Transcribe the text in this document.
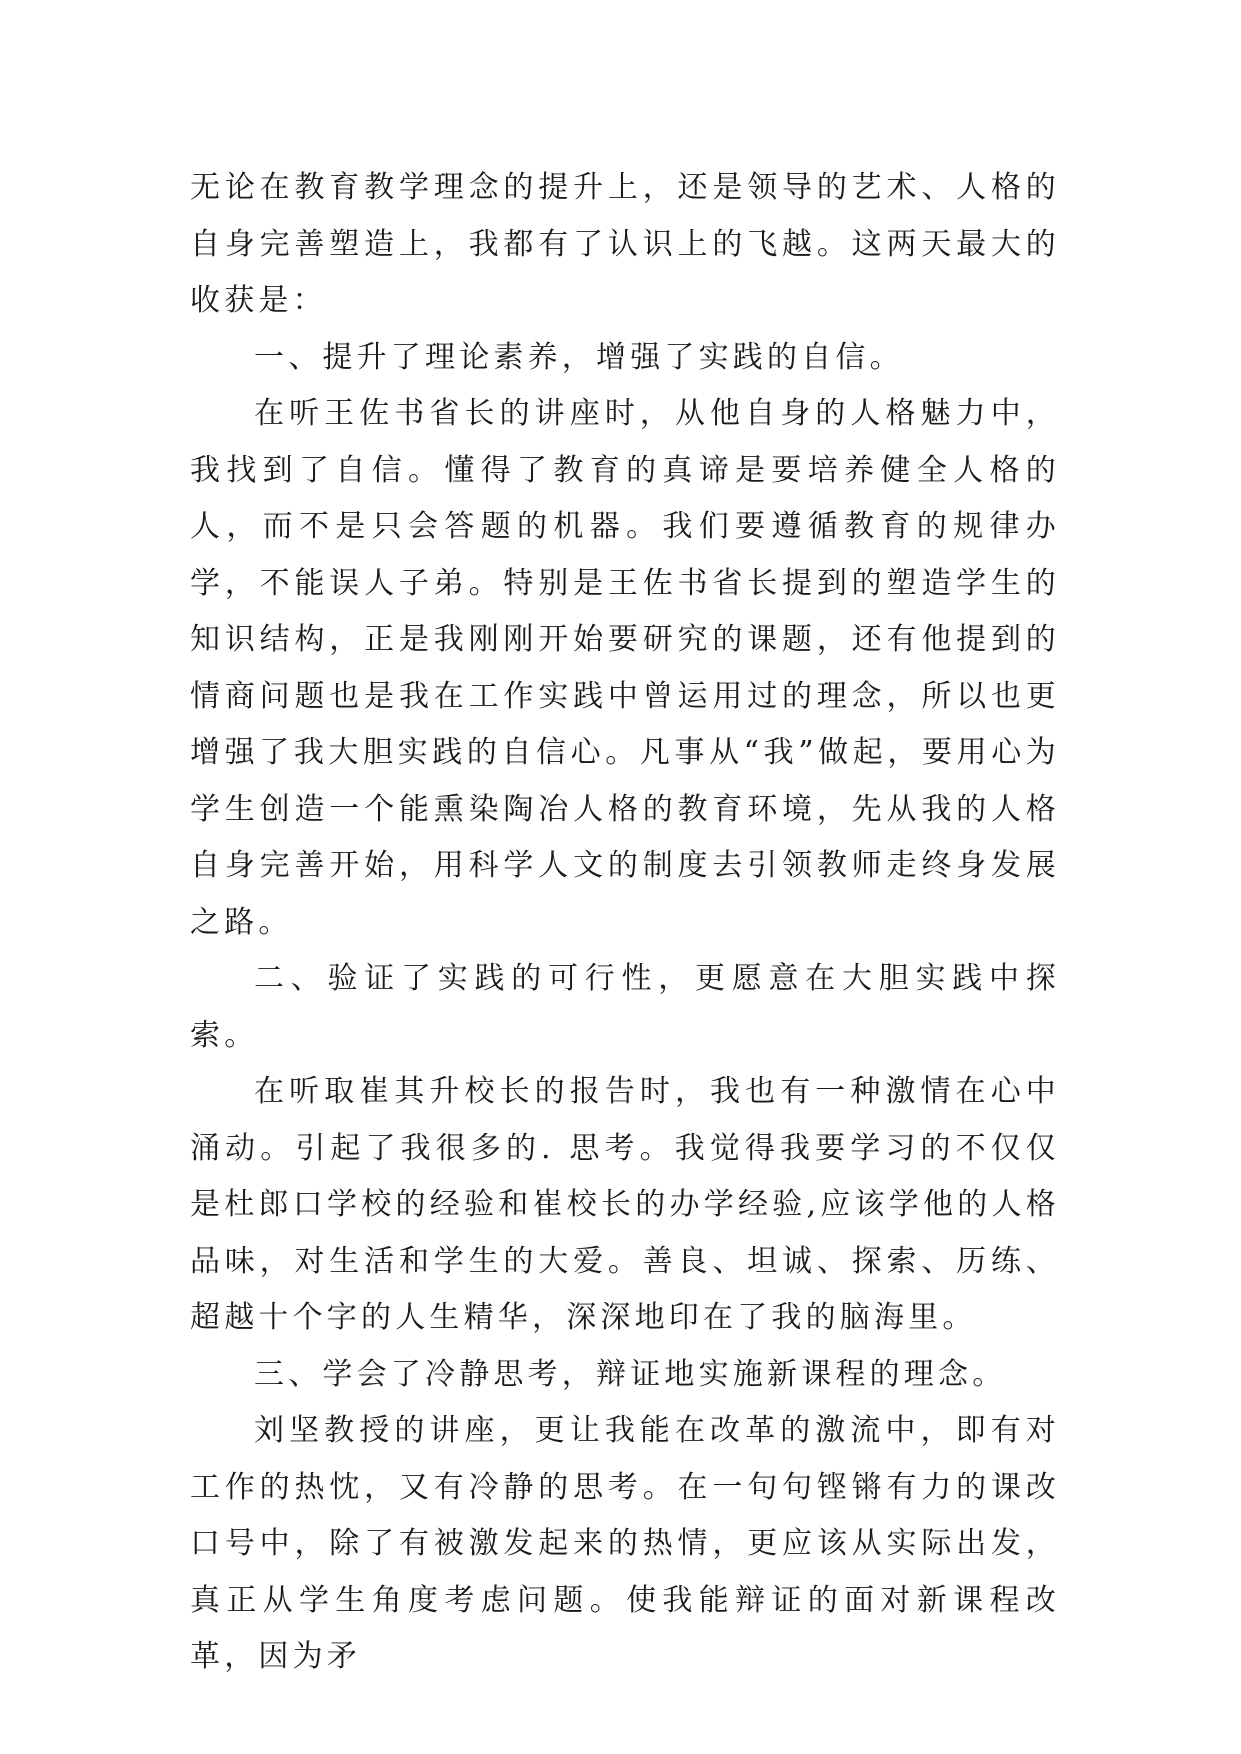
无论在教育教学理念的提升上，还是领导的艺术、人格的自身完善塑造上，我都有了认识上的飞越。这两天最大的收获是：

一、提升了理论素养，增强了实践的自信。

在听王佐书省长的讲座时，从他自身的人格魅力中，我找到了自信。懂得了教育的真谛是要培养健全人格的人，而不是只会答题的机器。我们要遵循教育的规律办学，不能误人子弟。特别是王佐书省长提到的塑造学生的知识结构，正是我刚刚开始要研究的课题，还有他提到的情商问题也是我在工作实践中曾运用过的理念，所以也更增强了我大胆实践的自信心。凡事从“我”做起，要用心为学生创造一个能熏染陶冶人格的教育环境，先从我的人格自身完善开始，用科学人文的制度去引领教师走终身发展之路。

二、验证了实践的可行性，更愿意在大胆实践中探索。

在听取崔其升校长的报告时，我也有一种激情在心中涌动。引起了我很多的. 思考。我觉得我要学习的不仅仅是杜郎口学校的经验和崔校长的办学经验,应该学他的人格品味，对生活和学生的大爱。善良、坦诚、探索、历练、超越十个字的人生精华，深深地印在了我的脑海里。

三、学会了冷静思考，辩证地实施新课程的理念。

刘坚教授的讲座，更让我能在改革的激流中，即有对工作的热忱，又有冷静的思考。在一句句铿锵有力的课改口号中，除了有被激发起来的热情，更应该从实际出发，真正从学生角度考虑问题。使我能辩证的面对新课程改革，因为矛
